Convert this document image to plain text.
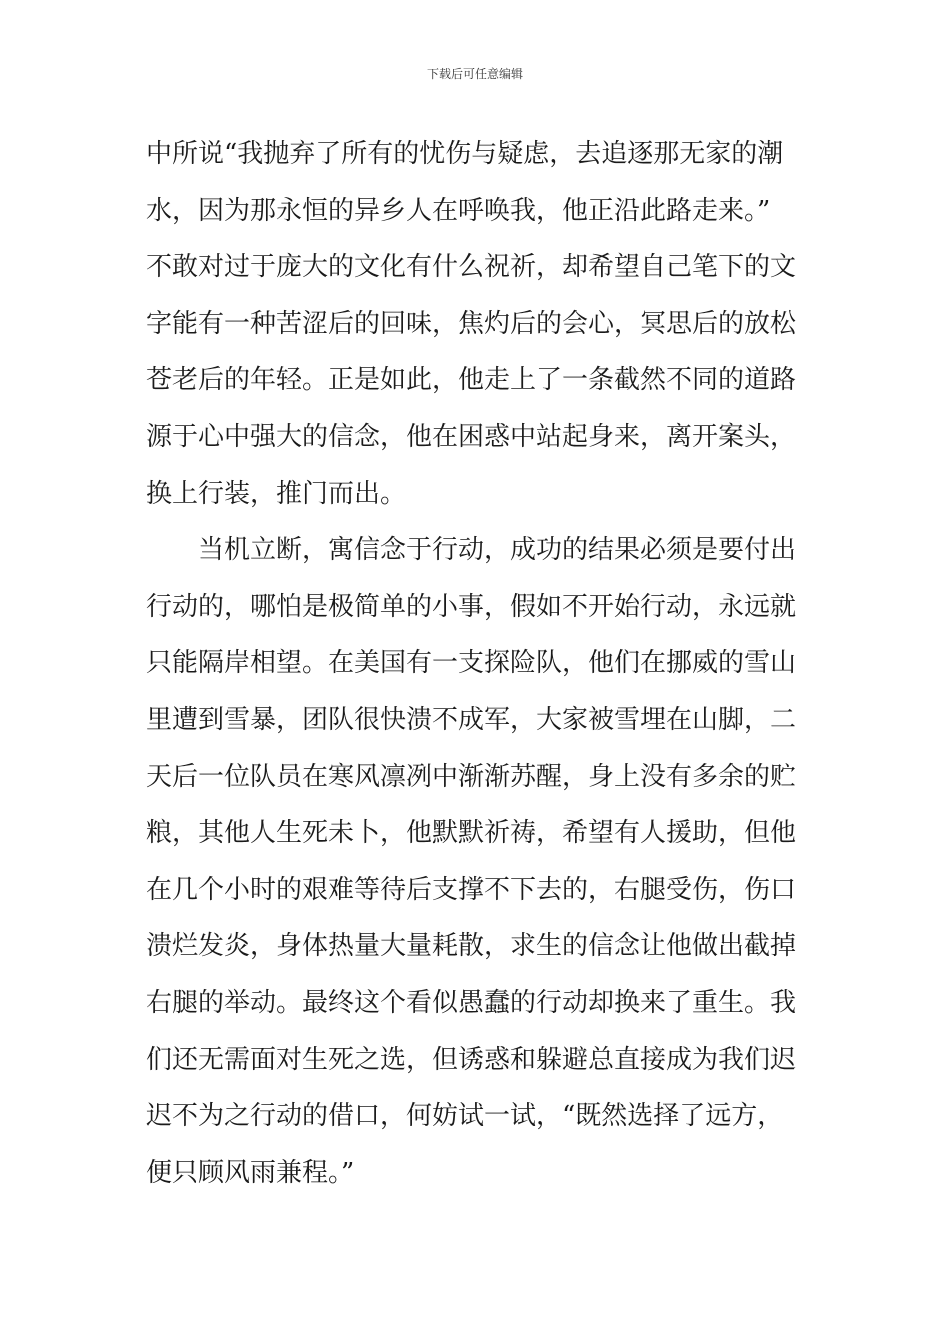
下载后可任意编辑
中所说“我抛弃了所有的忧伤与疑虑，去追逐那无家的潮
水，因为那永恒的异乡人在呼唤我，他正沿此路走来。”
不敢对过于庞大的文化有什么祝祈，却希望自己笔下的文
字能有一种苦涩后的回味，焦灼后的会心，冥思后的放松
苍老后的年轻。正是如此，他走上了一条截然不同的道路
源于心中强大的信念，他在困惑中站起身来，离开案头，
换上行装，推门而出。
当机立断，寓信念于行动，成功的结果必须是要付出
行动的，哪怕是极简单的小事，假如不开始行动，永远就
只能隔岸相望。在美国有一支探险队，他们在挪威的雪山
里遭到雪暴，团队很快溃不成军，大家被雪埋在山脚，二
天后一位队员在寒风凛冽中渐渐苏醒，身上没有多余的贮
粮，其他人生死未卜，他默默祈祷，希望有人援助，但他
在几个小时的艰难等待后支撑不下去的，右腿受伤，伤口
溃烂发炎，身体热量大量耗散，求生的信念让他做出截掉
右腿的举动。最终这个看似愚蠢的行动却换来了重生。我
们还无需面对生死之选，但诱惑和躲避总直接成为我们迟
迟不为之行动的借口，何妨试一试，“既然选择了远方，
便只顾风雨兼程。”
